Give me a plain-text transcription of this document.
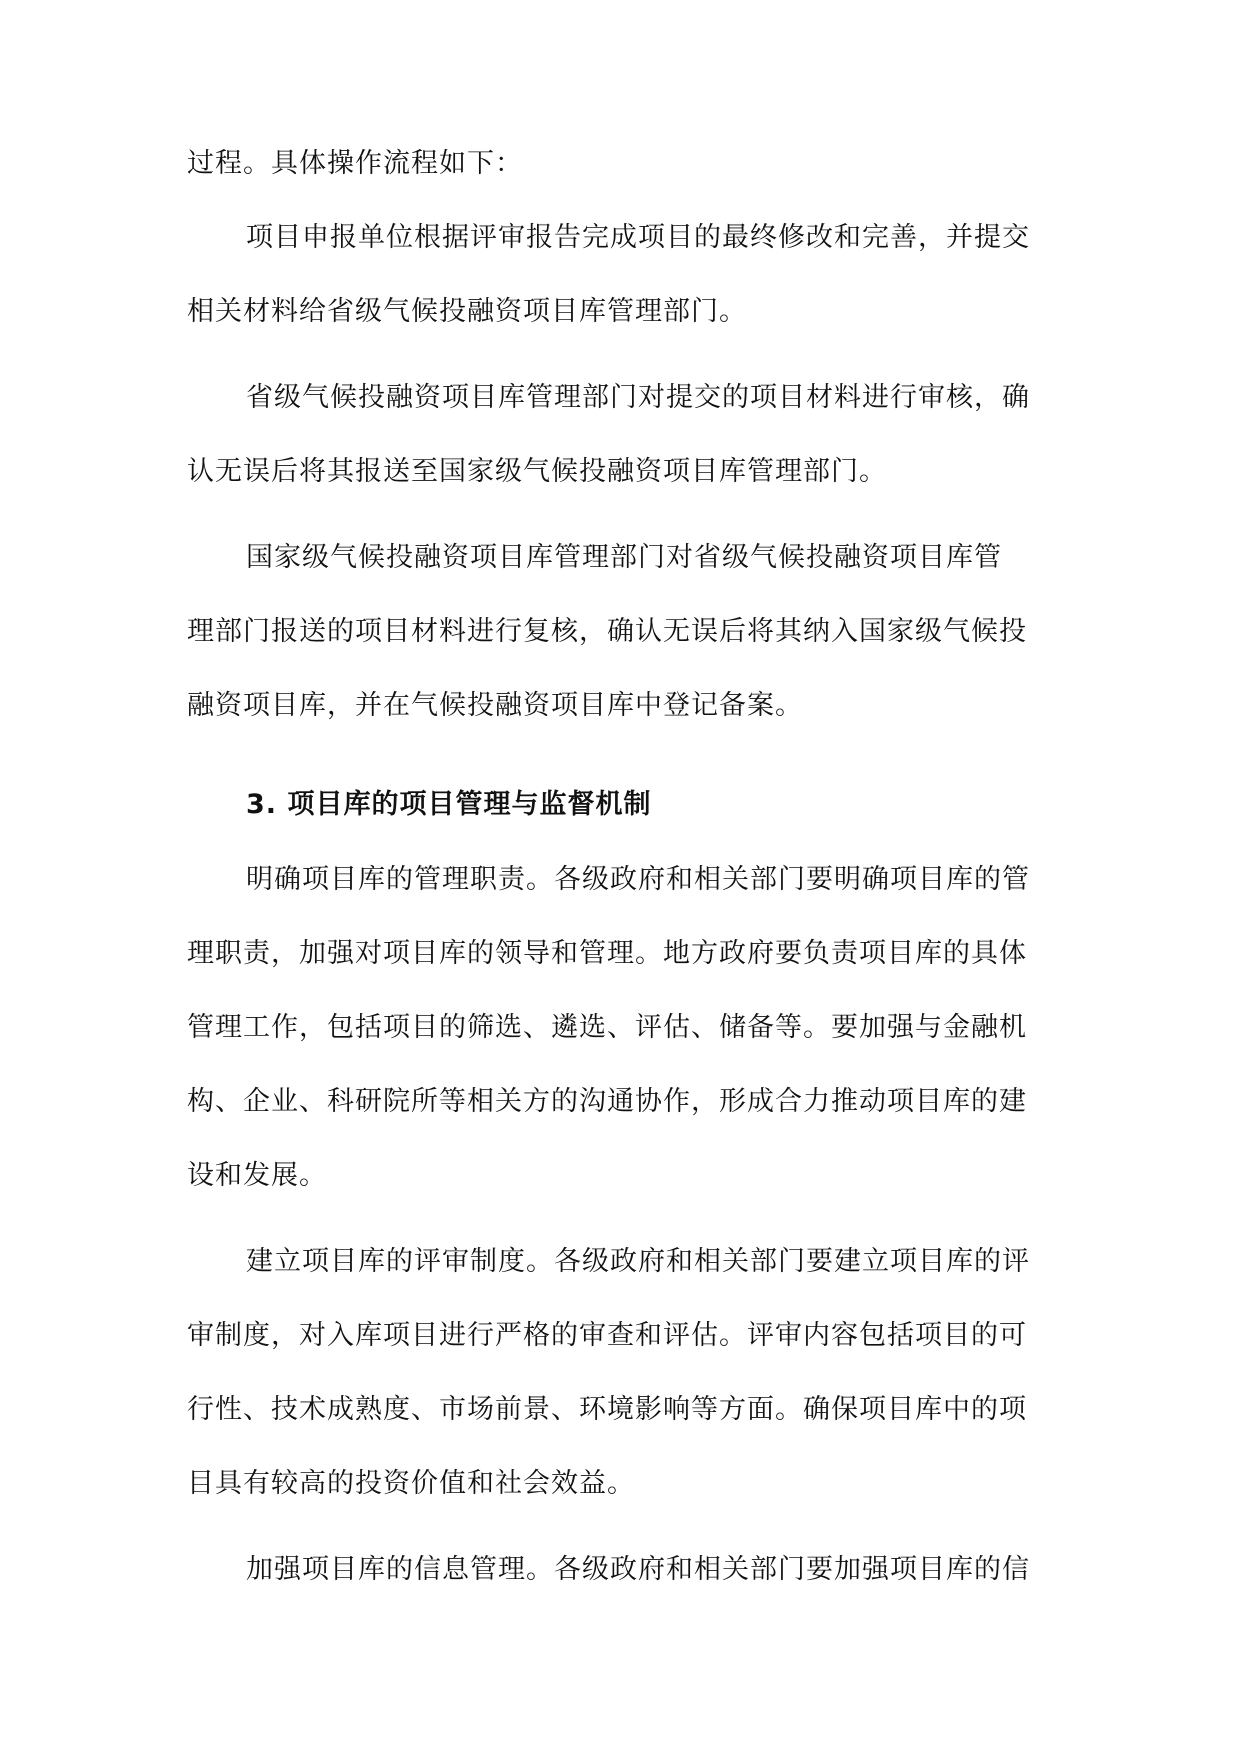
过程。具体操作流程如下：

项目申报单位根据评审报告完成项目的最终修改和完善，并提交

相关材料给省级气候投融资项目库管理部门。

省级气候投融资项目库管理部门对提交的项目材料进行审核，确

认无误后将其报送至国家级气候投融资项目库管理部门。

国家级气候投融资项目库管理部门对省级气候投融资项目库管

理部门报送的项目材料进行复核，确认无误后将其纳入国家级气候投

融资项目库，并在气候投融资项目库中登记备案。

3. 项目库的项目管理与监督机制

明确项目库的管理职责。各级政府和相关部门要明确项目库的管

理职责，加强对项目库的领导和管理。地方政府要负责项目库的具体

管理工作，包括项目的筛选、遴选、评估、储备等。要加强与金融机

构、企业、科研院所等相关方的沟通协作，形成合力推动项目库的建

设和发展。

建立项目库的评审制度。各级政府和相关部门要建立项目库的评

审制度，对入库项目进行严格的审查和评估。评审内容包括项目的可

行性、技术成熟度、市场前景、环境影响等方面。确保项目库中的项

目具有较高的投资价值和社会效益。

加强项目库的信息管理。各级政府和相关部门要加强项目库的信
